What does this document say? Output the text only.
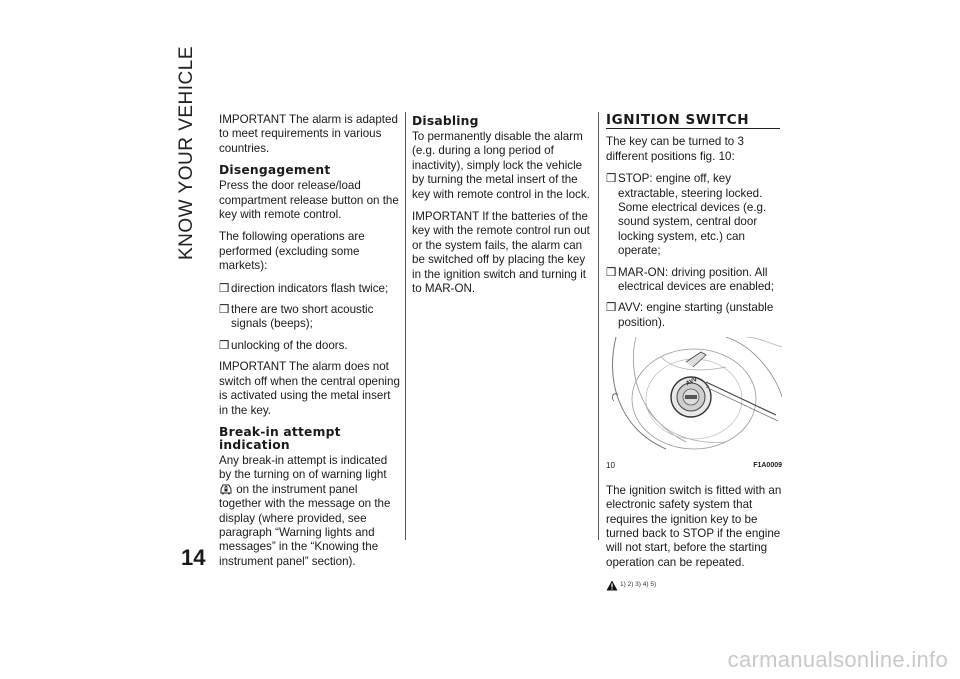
KNOW YOUR VEHICLE
14

IMPORTANT The alarm is adapted to meet requirements in various countries.

Disengagement

Press the door release/load compartment release button on the key with remote control.

The following operations are performed (excluding some markets):

❒ direction indicators flash twice;
❒ there are two short acoustic signals (beeps);
❒ unlocking of the doors.

IMPORTANT The alarm does not switch off when the central opening is activated using the metal insert in the key.

Break-in attempt indication

Any break-in attempt is indicated by the turning on of warning light  on the instrument panel together with the message on the display (where provided, see paragraph “Warning lights and messages” in the “Knowing the instrument panel” section).

Disabling

To permanently disable the alarm (e.g. during a long period of inactivity), simply lock the vehicle by turning the metal insert of the key with remote control in the lock.

IMPORTANT If the batteries of the key with the remote control run out or the system fails, the alarm can be switched off by placing the key in the ignition switch and turning it to MAR-ON.

IGNITION SWITCH

The key can be turned to 3 different positions fig. 10:

❒ STOP: engine off, key extractable, steering locked. Some electrical devices (e.g. sound system, central door locking system, etc.) can operate;
❒ MAR-ON: driving position. All electrical devices are enabled;
❒ AVV: engine starting (unstable position).
AVV
10	F1A0009

The ignition switch is fitted with an electronic safety system that requires the ignition key to be turned back to STOP if the engine will not start, before the starting operation can be repeated.

1) 2) 3) 4) 5)
carmanualsonline.info
